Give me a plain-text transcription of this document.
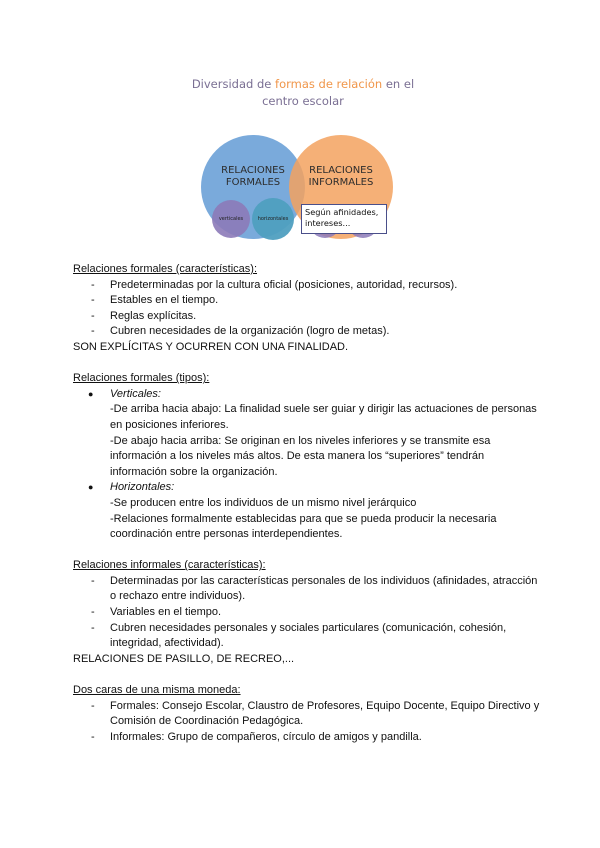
Diversidad de formas de relación en el
centro escolar
RELACIONES FORMALES
RELACIONES INFORMALES
verticales	horizontales
Según afinidades, intereses...
Relaciones formales (características):
- Predeterminadas por la cultura oficial (posiciones, autoridad, recursos).
- Estables en el tiempo.
- Reglas explícitas.
- Cubren necesidades de la organización (logro de metas).
SON EXPLÍCITAS Y OCURREN CON UNA FINALIDAD.
Relaciones formales (tipos):
● Verticales:
-De arriba hacia abajo: La finalidad suele ser guiar y dirigir las actuaciones de personas en posiciones inferiores.
-De abajo hacia arriba: Se originan en los niveles inferiores y se transmite esa información a los niveles más altos. De esta manera los “superiores” tendrán información sobre la organización.
● Horizontales:
-Se producen entre los individuos de un mismo nivel jerárquico
-Relaciones formalmente establecidas para que se pueda producir la necesaria coordinación entre personas interdependientes.
Relaciones informales (características):
- Determinadas por las características personales de los individuos (afinidades, atracción o rechazo entre individuos).
- Variables en el tiempo.
- Cubren necesidades personales y sociales particulares (comunicación, cohesión, integridad, afectividad).
RELACIONES DE PASILLO, DE RECREO,...
Dos caras de una misma moneda:
- Formales: Consejo Escolar, Claustro de Profesores, Equipo Docente, Equipo Directivo y Comisión de Coordinación Pedagógica.
- Informales: Grupo de compañeros, círculo de amigos y pandilla.
